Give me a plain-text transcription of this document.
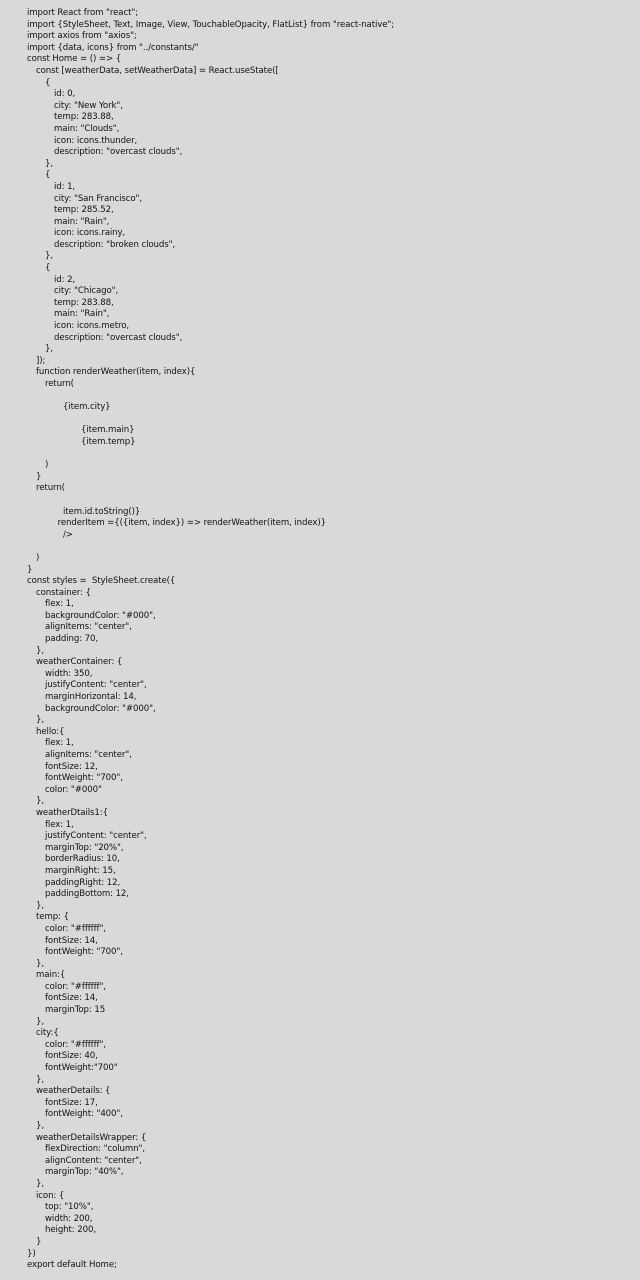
import React from "react";
import {StyleSheet, Text, Image, View, TouchableOpacity, FlatList} from "react-native";
import axios from "axios";
import {data, icons} from "../constants/"
const Home = () => {
const [weatherData, setWeatherData] = React.useState([
{
id: 0,
city: "New York",
temp: 283.88,
main: "Clouds",
icon: icons.thunder,
description: "overcast clouds",
},
{
id: 1,
city: "San Francisco",
temp: 285.52,
main: "Rain",
icon: icons.rainy,
description: "broken clouds",
},
{
id: 2,
city: "Chicago",
temp: 283.88,
main: "Rain",
icon: icons.metro,
description: "overcast clouds",
},
]);
function renderWeather(item, index){
return(
{item.city}
{item.main}
{item.temp}
)
}
return(
item.id.toString()}
renderItem ={({item, index}) => renderWeather(item, index)}
/>
)
}
const styles =  StyleSheet.create({
constainer: {
flex: 1,
backgroundColor: "#000",
alignItems: "center",
padding: 70,
},
weatherContainer: {
width: 350,
justifyContent: "center",
marginHorizontal: 14,
backgroundColor: "#000",
},
hello:{
flex: 1,
alignItems: "center",
fontSize: 12,
fontWeight: "700",
color: "#000"
},
weatherDtails1:{
flex: 1,
justifyContent: "center",
marginTop: "20%",
borderRadius: 10,
marginRight: 15,
paddingRight: 12,
paddingBottom: 12,
},
temp: {
color: "#ffffff",
fontSize: 14,
fontWeight: "700",
},
main:{
color: "#ffffff",
fontSize: 14,
marginTop: 15
},
city:{
color: "#ffffff",
fontSize: 40,
fontWeight:"700"
},
weatherDetails: {
fontSize: 17,
fontWeight: "400",
},
weatherDetailsWrapper: {
flexDirection: "column",
alignContent: "center",
marginTop: "40%",
},
icon: {
top: "10%",
width: 200,
height: 200,
}
})
export default Home;
